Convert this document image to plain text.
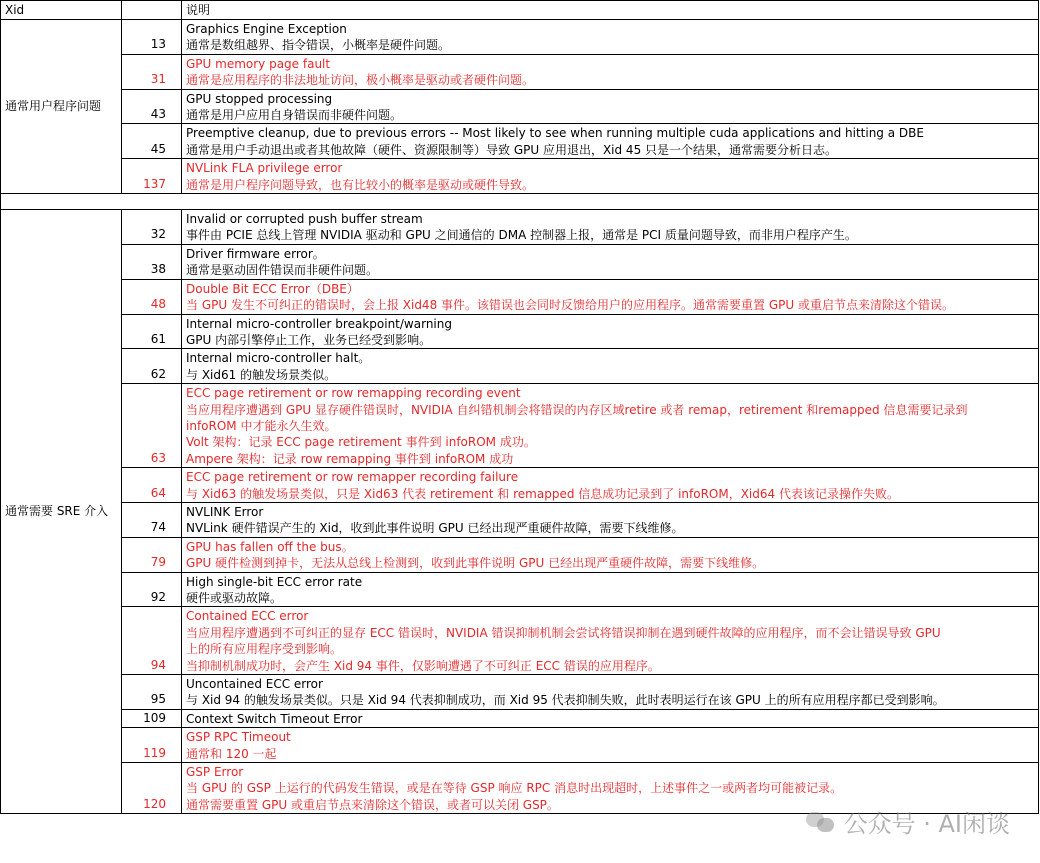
Xid		说明
通常用户程序问题	13	Graphics Engine Exception
通常是数组越界、指令错误，小概率是硬件问题。

	31	GPU memory page fault
通常是应用程序的非法地址访问，极小概率是驱动或者硬件问题。

	43	GPU stopped processing
通常是用户应用自身错误而非硬件问题。

	45	Preemptive cleanup, due to previous errors -- Most likely to see when running multiple cuda applications and hitting a DBE
通常是用户手动退出或者其他故障（硬件、资源限制等）导致 GPU 应用退出，Xid 45 只是一个结果，通常需要分析日志。

	137	NVLink FLA privilege error
通常是用户程序问题导致，也有比较小的概率是驱动或硬件导致。

通常需要 SRE 介入	32	Invalid or corrupted push buffer stream
事件由 PCIE 总线上管理 NVIDIA 驱动和 GPU 之间通信的 DMA 控制器上报，通常是 PCI 质量问题导致，而非用户程序产生。

	38	Driver firmware error。
通常是驱动固件错误而非硬件问题。

	48	Double Bit ECC Error（DBE）
当 GPU 发生不可纠正的错误时，会上报 Xid48 事件。该错误也会同时反馈给用户的应用程序。通常需要重置 GPU 或重启节点来清除这个错误。

	61	Internal micro-controller breakpoint/warning
GPU 内部引擎停止工作，业务已经受到影响。

	62	Internal micro-controller halt。
与 Xid61 的触发场景类似。

	63	ECC page retirement or row remapping recording event
当应用程序遭遇到 GPU 显存硬件错误时，NVIDIA 自纠错机制会将错误的内存区域retire 或者 remap，retirement 和remapped 信息需要记录到
infoROM 中才能永久生效。
Volt 架构：记录 ECC page retirement 事件到 infoROM 成功。
Ampere 架构：记录 row remapping 事件到 infoROM 成功

	64	ECC page retirement or row remapper recording failure
与 Xid63 的触发场景类似，只是 Xid63 代表 retirement 和 remapped 信息成功记录到了 infoROM，Xid64 代表该记录操作失败。

	74	NVLINK Error
NVLink 硬件错误产生的 Xid，收到此事件说明 GPU 已经出现严重硬件故障，需要下线维修。

	79	GPU has fallen off the bus。
GPU 硬件检测到掉卡，无法从总线上检测到，收到此事件说明 GPU 已经出现严重硬件故障，需要下线维修。

	92	High single-bit ECC error rate
硬件或驱动故障。

	94	Contained ECC error
当应用程序遭遇到不可纠正的显存 ECC 错误时，NVIDIA 错误抑制机制会尝试将错误抑制在遇到硬件故障的应用程序，而不会让错误导致 GPU
上的所有应用程序受到影响。
当抑制机制成功时，会产生 Xid 94 事件，仅影响遭遇了不可纠正 ECC 错误的应用程序。

	95	Uncontained ECC error
与 Xid 94 的触发场景类似。只是 Xid 94 代表抑制成功，而 Xid 95 代表抑制失败，此时表明运行在该 GPU 上的所有应用程序都已受到影响。

	109	Context Switch Timeout Error

	119	GSP RPC Timeout
通常和 120 一起

	120	GSP Error
当 GPU 的 GSP 上运行的代码发生错误，或是在等待 GSP 响应 RPC 消息时出现超时，上述事件之一或两者均可能被记录。
通常需要重置 GPU 或重启节点来清除这个错误，或者可以关闭 GSP。
公众号 · AI闲谈
